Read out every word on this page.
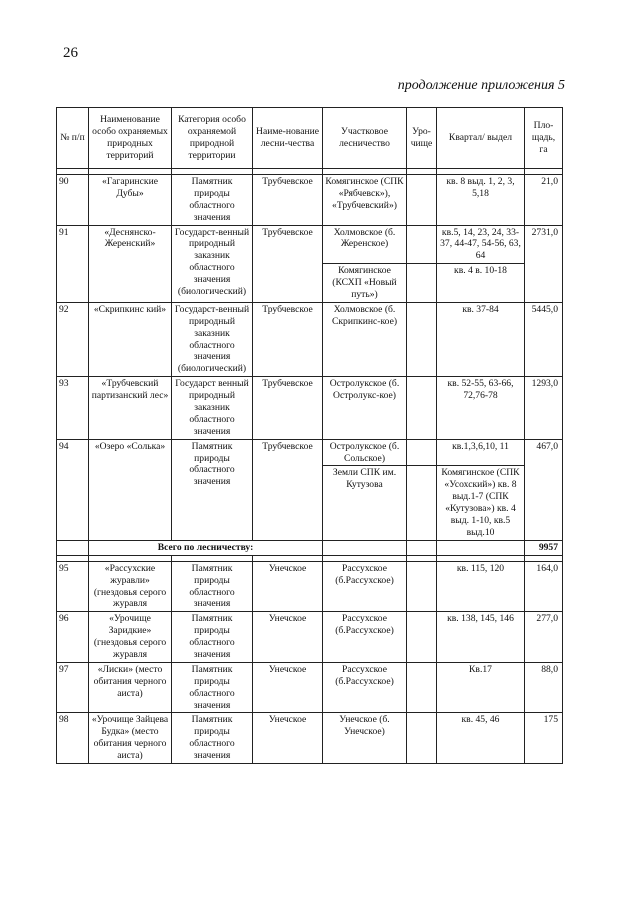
26
продолжение приложения 5
№ п/п	Наименование особо охраняемых природных территорий	Категория особо охраняемой природной территории	Наиме-нование лесни-чества	Участковое лесничество	Уро-чище	Квартал/ выдел	Пло-щадь, га

90	«Гагаринские Дубы»	Памятник природы областного значения	Трубчевское	Комягинское (СПК «Рябчевск»), «Трубчевский»)		кв. 8 выд. 1, 2, 3, 5,18	21,0
91	«Деснянско-Жеренский»	Государст-венный природный заказник областного значения (биологический)	Трубчевское	Холмовское (б. Жеренское)		кв.5, 14, 23, 24, 33-37, 44-47, 54-56, 63, 64	2731,0
				Комягинское (КСХП «Новый путь»)		кв. 4 в. 10-18	
92	«Скрипкинс кий»	Государст-венный природный заказник областного значения (биологический)	Трубчевское	Холмовское (б. Скрипкинс-кое)		кв. 37-84	5445,0
93	«Трубчевский партизанский лес»	Государст венный природный заказник областного значения	Трубчевское	Остролукское (б. Остролукс-кое)		кв. 52-55, 63-66, 72,76-78	1293,0
94	«Озеро «Солька»	Памятник природы областного значения	Трубчевское	Остролукское (б. Сольское)		кв.1,3,6,10, 11	467,0
				Земли СПК им. Кутузова		Комягинское (СПК «Усохский») кв. 8 выд.1-7 (СПК «Кутузова») кв. 4 выд. 1-10, кв.5 выд.10	
	Всего по лесничеству:						9957

95	«Рассухские журавли» (гнездовья серого журавля	Памятник природы областного значения	Унечское	Рассухское (б.Рассухское)		кв. 115, 120	164,0
96	«Урочище Заридкие» (гнездовья серого журавля	Памятник природы областного значения	Унечское	Рассухское (б.Рассухское)		кв. 138, 145, 146	277,0
97	«Лиски» (место обитания черного аиста)	Памятник природы областного значения	Унечское	Рассухское (б.Рассухское)		Кв.17	88,0
98	«Урочище Зайцева Будка» (место обитания черного аиста)	Памятник природы областного значения	Унечское	Унечское (б. Унечское)		кв. 45, 46	175
